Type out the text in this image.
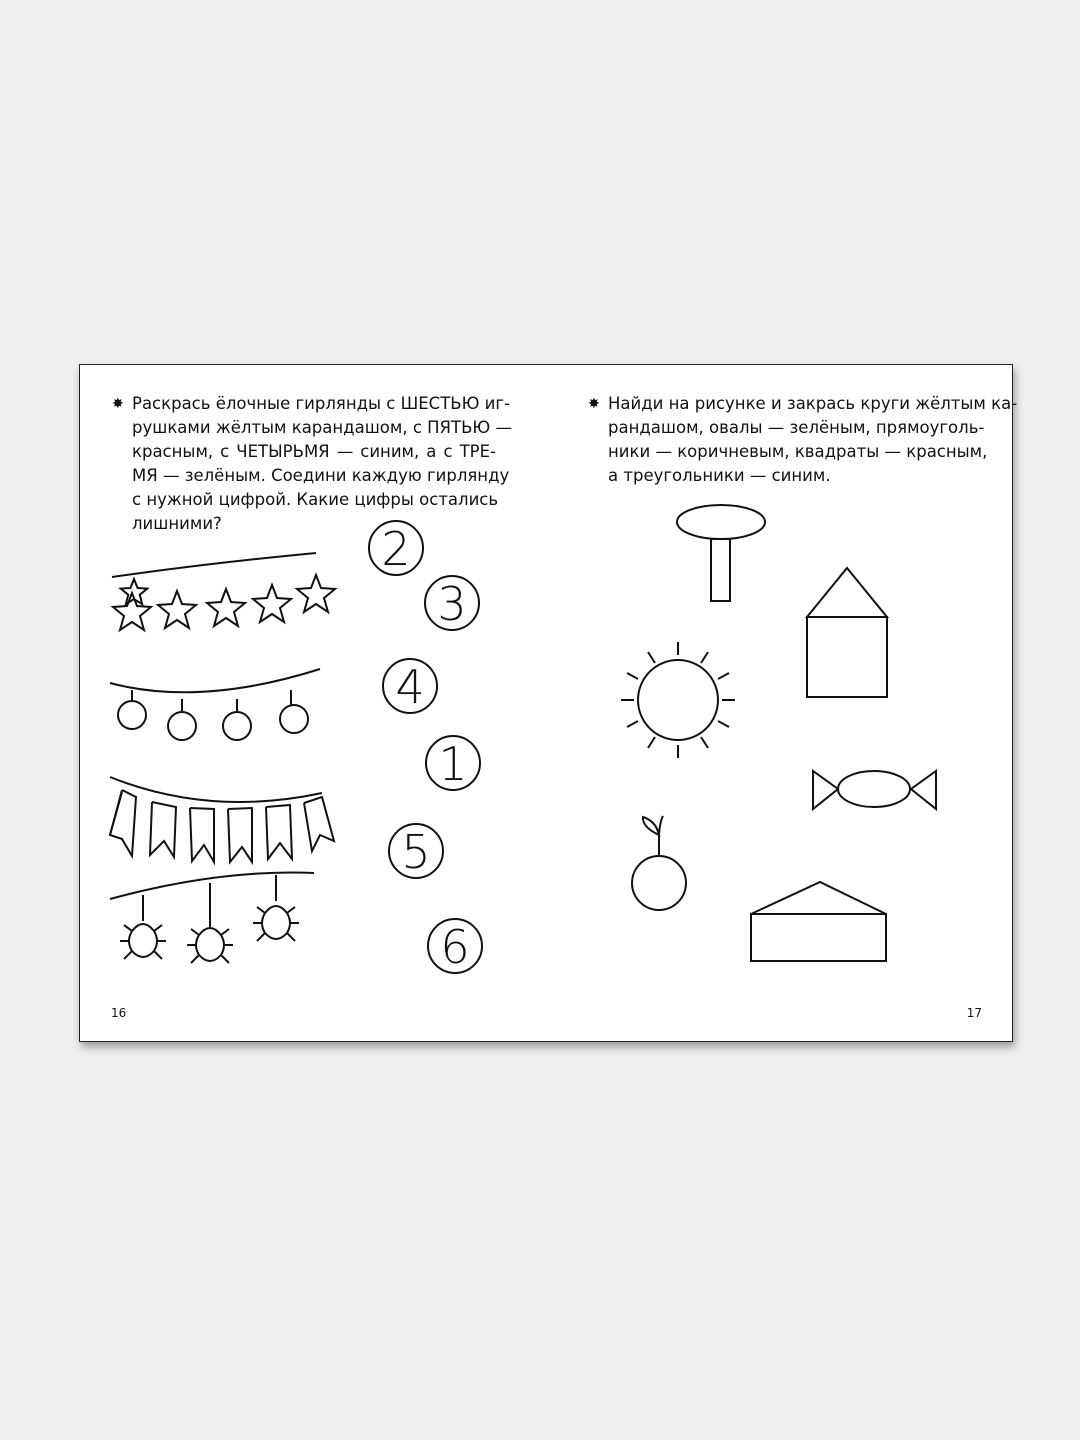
✸ Раскрась ёлочные гирлянды с ШЕСТЬЮ иг-
рушками жёлтым карандашом, с ПЯТЬЮ —
красным, с ЧЕТЫРЬМЯ — синим, а с ТРЕ-
МЯ — зелёным. Соедини каждую гирлянду
с нужной цифрой. Какие цифры остались
лишними?
✸ Найди на рисунке и закрась круги жёлтым ка-
рандашом, овалы — зелёным, прямоуголь-
ники — коричневым, квадраты — красным,
а треугольники — синим.
2
3
4
1
5
6
16	17
